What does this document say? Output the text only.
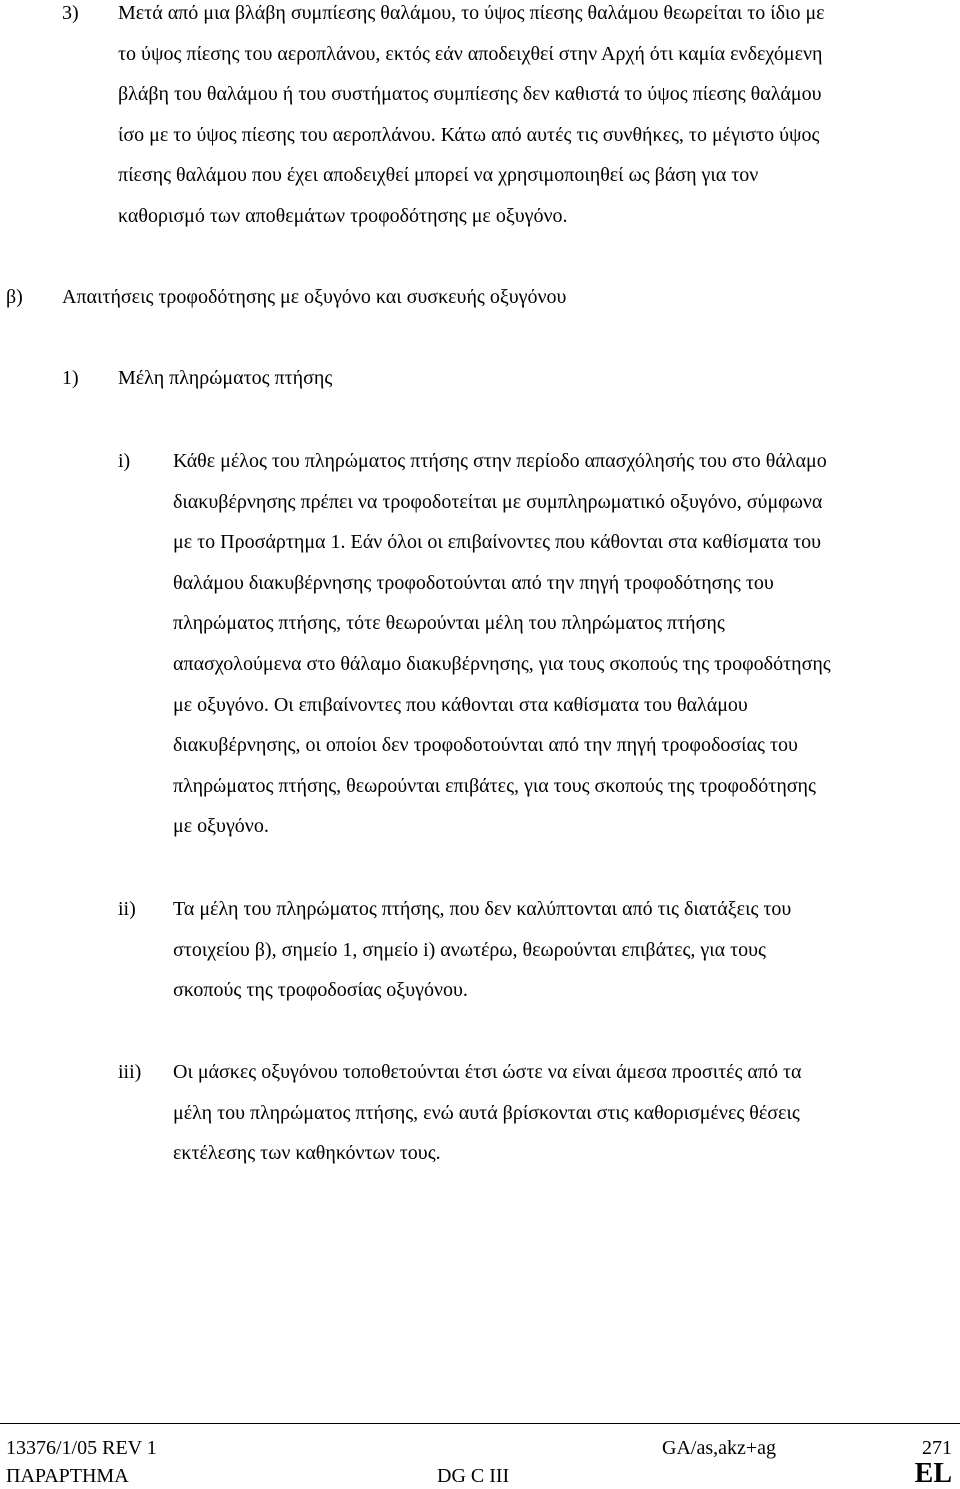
3) Μετά από μια βλάβη συμπίεσης θαλάμου, το ύψος πίεσης θαλάμου θεωρείται το ίδιο με

το ύψος πίεσης του αεροπλάνου, εκτός εάν αποδειχθεί στην Αρχή ότι καμία ενδεχόμενη

βλάβη του θαλάμου ή του συστήματος συμπίεσης δεν καθιστά το ύψος πίεσης θαλάμου

ίσο με το ύψος πίεσης του αεροπλάνου. Κάτω από αυτές τις συνθήκες, το μέγιστο ύψος

πίεσης θαλάμου που έχει αποδειχθεί μπορεί να χρησιμοποιηθεί ως βάση για τον

καθορισμό των αποθεμάτων τροφοδότησης με οξυγόνο.

β) Απαιτήσεις τροφοδότησης με οξυγόνο και συσκευής οξυγόνου
1) Μέλη πληρώματος πτήσης
i) Κάθε μέλος του πληρώματος πτήσης στην περίοδο απασχόλησής του στο θάλαμο

διακυβέρνησης πρέπει να τροφοδοτείται με συμπληρωματικό οξυγόνο, σύμφωνα

με το Προσάρτημα 1. Εάν όλοι οι επιβαίνοντες που κάθονται στα καθίσματα του

θαλάμου διακυβέρνησης τροφοδοτούνται από την πηγή τροφοδότησης του

πληρώματος πτήσης, τότε θεωρούνται μέλη του πληρώματος πτήσης

απασχολούμενα στο θάλαμο διακυβέρνησης, για τους σκοπούς της τροφοδότησης

με οξυγόνο. Οι επιβαίνοντες που κάθονται στα καθίσματα του θαλάμου

διακυβέρνησης, οι οποίοι δεν τροφοδοτούνται από την πηγή τροφοδοσίας του

πληρώματος πτήσης, θεωρούνται επιβάτες, για τους σκοπούς της τροφοδότησης

με οξυγόνο.

ii) Τα μέλη του πληρώματος πτήσης, που δεν καλύπτονται από τις διατάξεις του

στοιχείου β), σημείο 1, σημείο i) ανωτέρω, θεωρούνται επιβάτες, για τους

σκοπούς της τροφοδοσίας οξυγόνου.

iii) Οι μάσκες οξυγόνου τοποθετούνται έτσι ώστε να είναι άμεσα προσιτές από τα

μέλη του πληρώματος πτήσης, ενώ αυτά βρίσκονται στις καθορισμένες θέσεις

εκτέλεσης των καθηκόντων τους.

13376/1/05 REV 1	GA/as,akz+ag	271
ΠΑΡΑΡΤΗΜΑ	DG C III	EL
